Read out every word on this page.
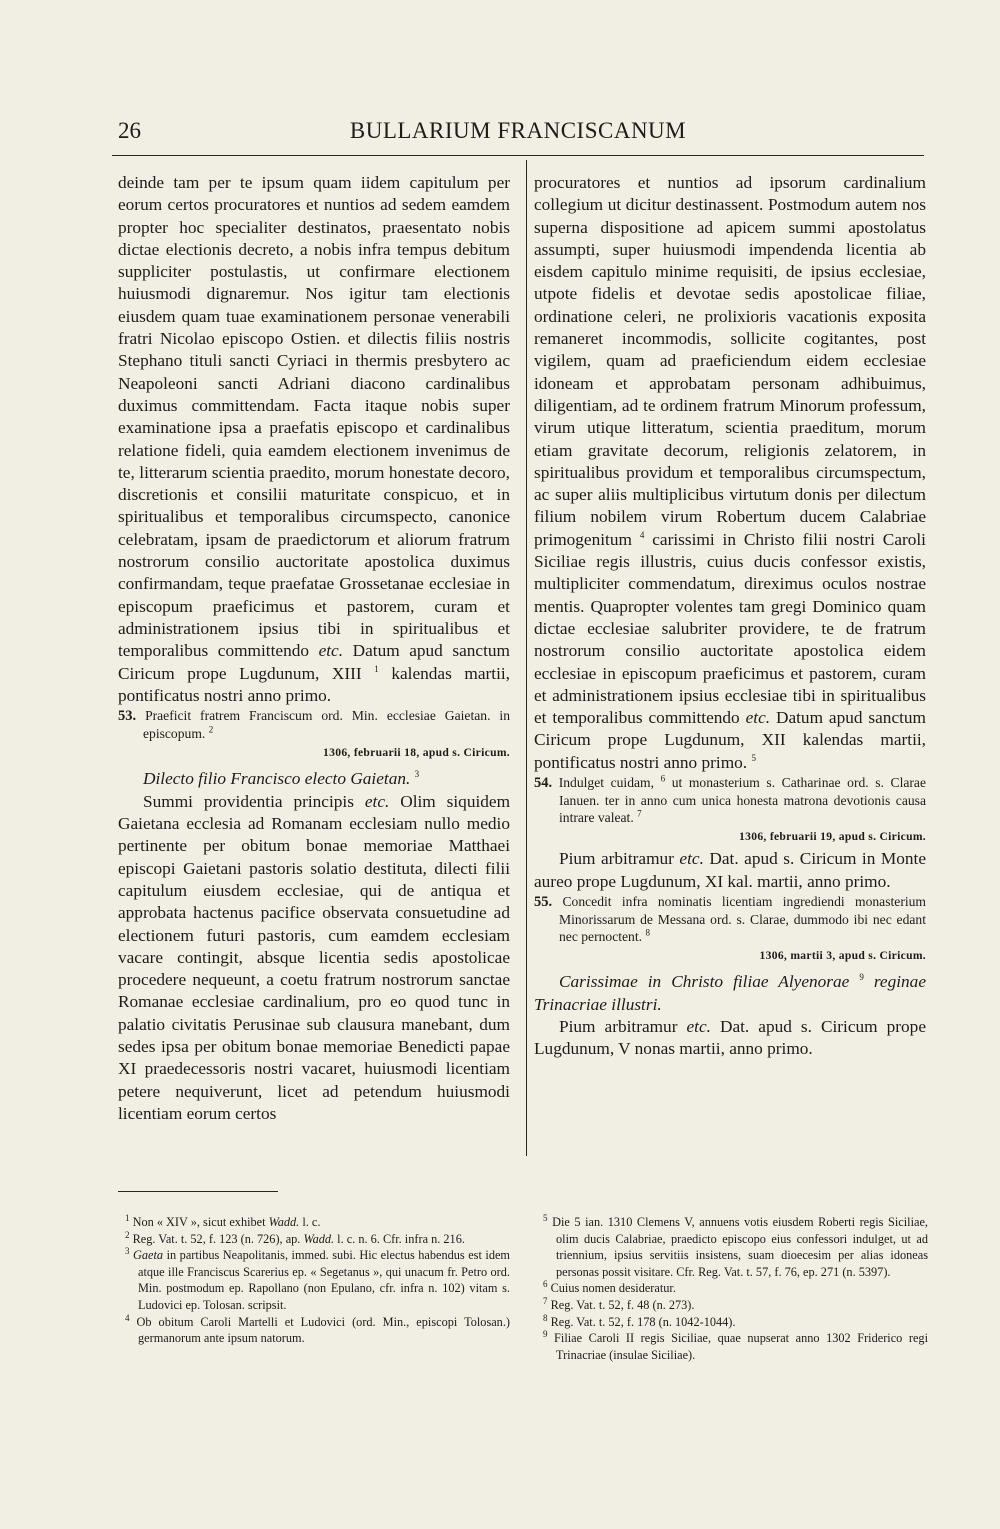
26	BULLARIUM FRANCISCANUM

deinde tam per te ipsum quam iidem capitulum per eorum certos procuratores et nuntios ad sedem eamdem propter hoc specialiter destinatos, praesentato nobis dictae electionis decreto, a nobis infra tempus debitum suppliciter postulastis, ut confirmare electionem huiusmodi dignaremur. Nos igitur tam electionis eiusdem quam tuae examinationem personae venerabili fratri Nicolao episcopo Ostien. et dilectis filiis nostris Stephano tituli sancti Cyriaci in thermis presbytero ac Neapoleoni sancti Adriani diacono cardinalibus duximus committendam. Facta itaque nobis super examinatione ipsa a praefatis episcopo et cardinalibus relatione fideli, quia eamdem electionem invenimus de te, litterarum scientia praedito, morum honestate decoro, discretionis et consilii maturitate conspicuo, et in spiritualibus et temporalibus circumspecto, canonice celebratam, ipsam de praedictorum et aliorum fratrum nostrorum consilio auctoritate apostolica duximus confirmandam, teque praefatae Grossetanae ecclesiae in episcopum praeficimus et pastorem, curam et administrationem ipsius tibi in spiritualibus et temporalibus committendo etc. Datum apud sanctum Ciricum prope Lugdunum, XIII $^1$ kalendas martii, pontificatus nostri anno primo.

53. Praeficit fratrem Franciscum ord. Min. ecclesiae Gaietan. in episcopum. $^2$

1306, februarii 18, apud s. Ciricum.

Dilecto filio Francisco electo Gaietan. $^3$

Summi providentia principis etc. Olim siquidem Gaietana ecclesia ad Romanam ecclesiam nullo medio pertinente per obitum bonae memoriae Matthaei episcopi Gaietani pastoris solatio destituta, dilecti filii capitulum eiusdem ecclesiae, qui de antiqua et approbata hactenus pacifice observata consuetudine ad electionem futuri pastoris, cum eamdem ecclesiam vacare contingit, absque licentia sedis apostolicae procedere nequeunt, a coetu fratrum nostrorum sanctae Romanae ecclesiae cardinalium, pro eo quod tunc in palatio civitatis Perusinae sub clausura manebant, dum sedes ipsa per obitum bonae memoriae Benedicti papae XI praedecessoris nostri vacaret, huiusmodi licentiam petere nequiverunt, licet ad petendum huiusmodi licentiam eorum certos

procuratores et nuntios ad ipsorum cardinalium collegium ut dicitur destinassent. Postmodum autem nos superna dispositione ad apicem summi apostolatus assumpti, super huiusmodi impendenda licentia ab eisdem capitulo minime requisiti, de ipsius ecclesiae, utpote fidelis et devotae sedis apostolicae filiae, ordinatione celeri, ne prolixioris vacationis exposita remaneret incommodis, sollicite cogitantes, post vigilem, quam ad praeficiendum eidem ecclesiae idoneam et approbatam personam adhibuimus, diligentiam, ad te ordinem fratrum Minorum professum, virum utique litteratum, scientia praeditum, morum etiam gravitate decorum, religionis zelatorem, in spiritualibus providum et temporalibus circumspectum, ac super aliis multiplicibus virtutum donis per dilectum filium nobilem virum Robertum ducem Calabriae primogenitum $^4$ carissimi in Christo filii nostri Caroli Siciliae regis illustris, cuius ducis confessor existis, multipliciter commendatum, direximus oculos nostrae mentis. Quapropter volentes tam gregi Dominico quam dictae ecclesiae salubriter providere, te de fratrum nostrorum consilio auctoritate apostolica eidem ecclesiae in episcopum praeficimus et pastorem, curam et administrationem ipsius ecclesiae tibi in spiritualibus et temporalibus committendo etc. Datum apud sanctum Ciricum prope Lugdunum, XII kalendas martii, pontificatus nostri anno primo. $^5$

54. Indulget cuidam, $^6$ ut monasterium s. Catharinae ord. s. Clarae Ianuen. ter in anno cum unica honesta matrona devotionis causa intrare valeat. $^7$

1306, februarii 19, apud s. Ciricum.

Pium arbitramur etc. Dat. apud s. Ciricum in Monte aureo prope Lugdunum, XI kal. martii, anno primo.

55. Concedit infra nominatis licentiam ingrediendi monasterium Minorissarum de Messana ord. s. Clarae, dummodo ibi nec edant nec pernoctent. $^8$

1306, martii 3, apud s. Ciricum.

Carissimae in Christo filiae Alyenorae $^9$ reginae Trinacriae illustri.

Pium arbitramur etc. Dat. apud s. Ciricum prope Lugdunum, V nonas martii, anno primo.

$^1$ Non « XIV », sicut exhibet Wadd. l. c.

$^2$ Reg. Vat. t. 52, f. 123 (n. 726), ap. Wadd. l. c. n. 6. Cfr. infra n. 216.

$^3$ Gaeta in partibus Neapolitanis, immed. subi. Hic electus habendus est idem atque ille Franciscus Scarerius ep. « Segetanus », qui unacum fr. Petro ord. Min. postmodum ep. Rapollano (non Epulano, cfr. infra n. 102) vitam s. Ludovici ep. Tolosan. scripsit.

$^4$ Ob obitum Caroli Martelli et Ludovici (ord. Min., episcopi Tolosan.) germanorum ante ipsum natorum.

$^5$ Die 5 ian. 1310 Clemens V, annuens votis eiusdem Roberti regis Siciliae, olim ducis Calabriae, praedicto episcopo eius confessori indulget, ut ad triennium, ipsius servitiis insistens, suam dioecesim per alias idoneas personas possit visitare. Cfr. Reg. Vat. t. 57, f. 76, ep. 271 (n. 5397).

$^6$ Cuius nomen desideratur.

$^7$ Reg. Vat. t. 52, f. 48 (n. 273).

$^8$ Reg. Vat. t. 52, f. 178 (n. 1042-1044).

$^9$ Filiae Caroli II regis Siciliae, quae nupserat anno 1302 Friderico regi Trinacriae (insulae Siciliae).
